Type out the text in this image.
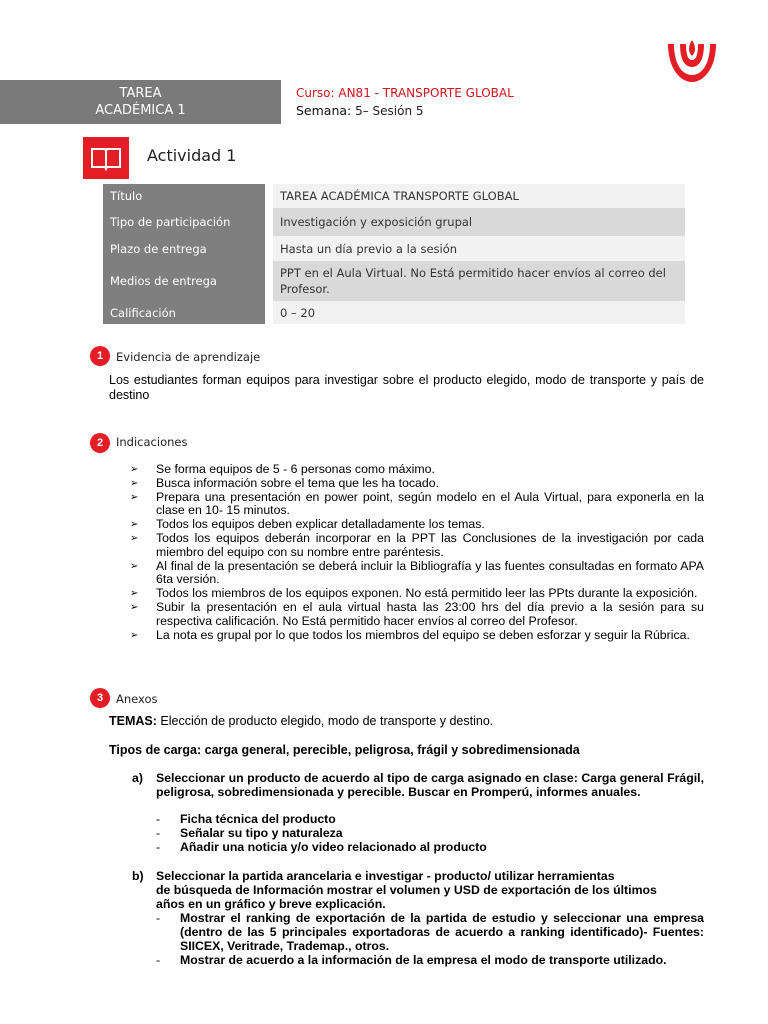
TAREA
ACADÉMICA 1
Curso: AN81 - TRANSPORTE GLOBAL
Semana: 5– Sesión 5
Actividad 1
Título	TAREA ACADÉMICA TRANSPORTE GLOBAL
Tipo de participación	Investigación y exposición grupal
Plazo de entrega	Hasta un día previo a la sesión
Medios de entrega	PPT en el Aula Virtual. No Está permitido hacer envíos al correo del Profesor.
Calificación	0 – 20
1	Evidencia de aprendizaje
Los estudiantes forman equipos para investigar sobre el producto elegido, modo de transporte y país de destino
2	Indicaciones
➢ Se forma equipos de 5 - 6 personas como máximo.
➢ Busca información sobre el tema que les ha tocado.
➢ Prepara una presentación en power point, según modelo en el Aula Virtual, para exponerla en la clase en 10- 15 minutos.
➢ Todos los equipos deben explicar detalladamente los temas.
➢ Todos los equipos deberán incorporar en la PPT las Conclusiones de la investigación por cada miembro del equipo con su nombre entre paréntesis.
➢ Al final de la presentación se deberá incluir la Bibliografía y las fuentes consultadas en formato APA 6ta versión.
➢ Todos los miembros de los equipos exponen. No está permitido leer las PPts durante la exposición.
➢ Subir la presentación en el aula virtual hasta las 23:00 hrs del día previo a la sesión para su respectiva calificación. No Está permitido hacer envíos al correo del Profesor.
➢ La nota es grupal por lo que todos los miembros del equipo se deben esforzar y seguir la Rúbrica.
3	Anexos
TEMAS: Elección de producto elegido, modo de transporte y destino.
Tipos de carga: carga general, perecible, peligrosa, frágil y sobredimensionada
a) Seleccionar un producto de acuerdo al tipo de carga asignado en clase: Carga general Frágil, peligrosa, sobredimensionada y perecible. Buscar en Promperú, informes anuales.
- Ficha técnica del producto
- Señalar su tipo y naturaleza
- Añadir una noticia y/o video relacionado al producto
b) Seleccionar la partida arancelaria e investigar - producto/ utilizar herramientas
de búsqueda de Información mostrar el volumen y USD de exportación de los últimos
años en un gráfico y breve explicación.
- Mostrar el ranking de exportación de la partida de estudio y seleccionar una empresa (dentro de las 5 principales exportadoras de acuerdo a ranking identificado)- Fuentes: SIICEX, Veritrade, Trademap., otros.
- Mostrar de acuerdo a la información de la empresa el modo de transporte utilizado.
